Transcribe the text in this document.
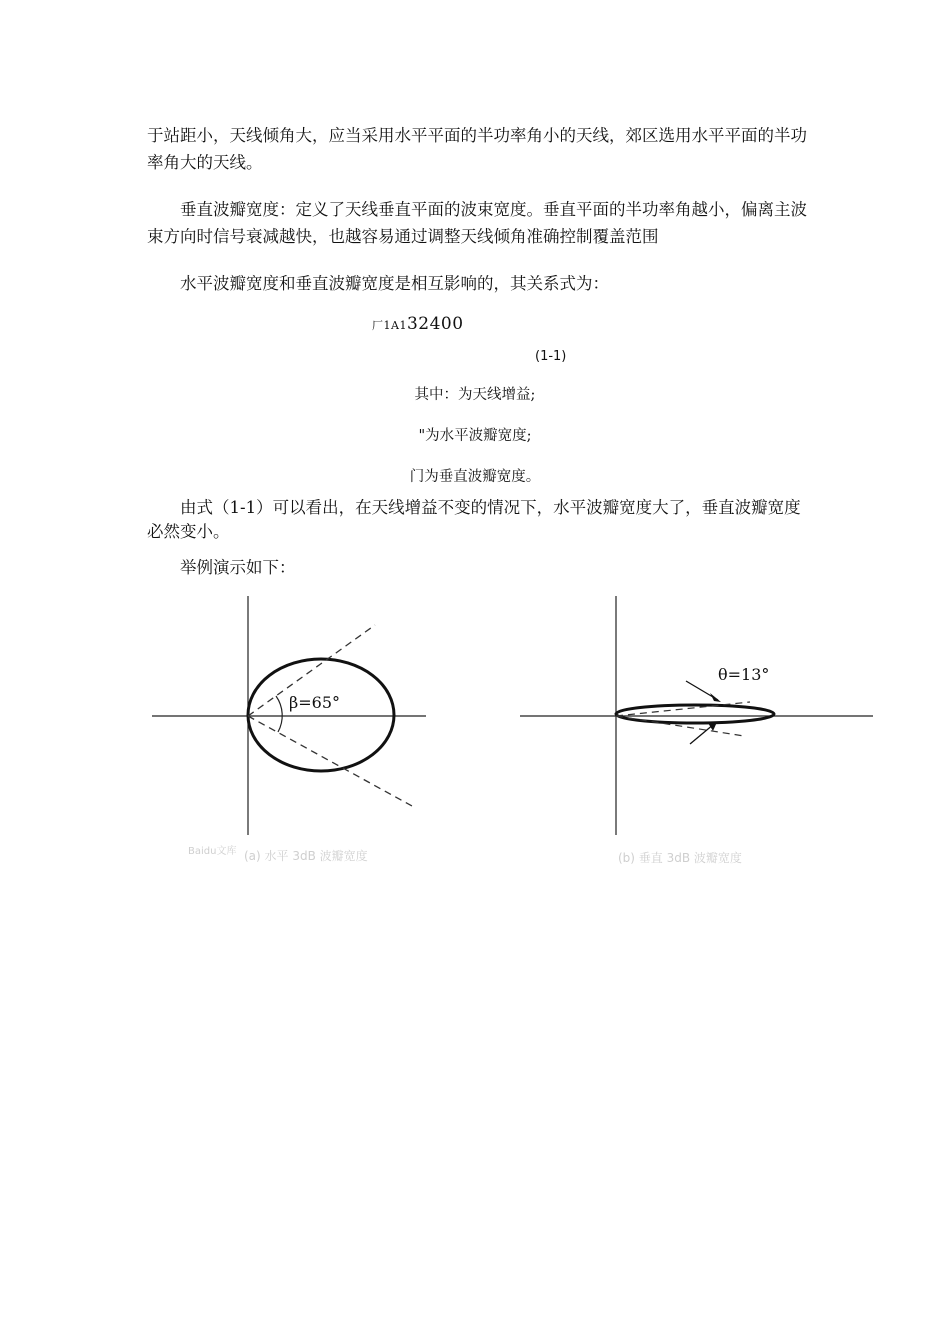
于站距小，天线倾角大，应当采用水平平面的半功率角小的天线，郊区选用水平平面的半功率角大的天线。

垂直波瓣宽度：定义了天线垂直平面的波束宽度。垂直平面的半功率角越小，偏离主波束方向时信号衰减越快，也越容易通过调整天线倾角准确控制覆盖范围

水平波瓣宽度和垂直波瓣宽度是相互影响的，其关系式为：

厂1A132400

(1-1)

其中：为天线增益;

"为水平波瓣宽度;

门为垂直波瓣宽度。

由式（1-1）可以看出，在天线增益不变的情况下，水平波瓣宽度大了，垂直波瓣宽度必然变小。

举例演示如下：

β=65°
Baidu文库 (a) 水平 3dB 波瓣宽度
θ=13°
(b) 垂直 3dB 波瓣宽度
